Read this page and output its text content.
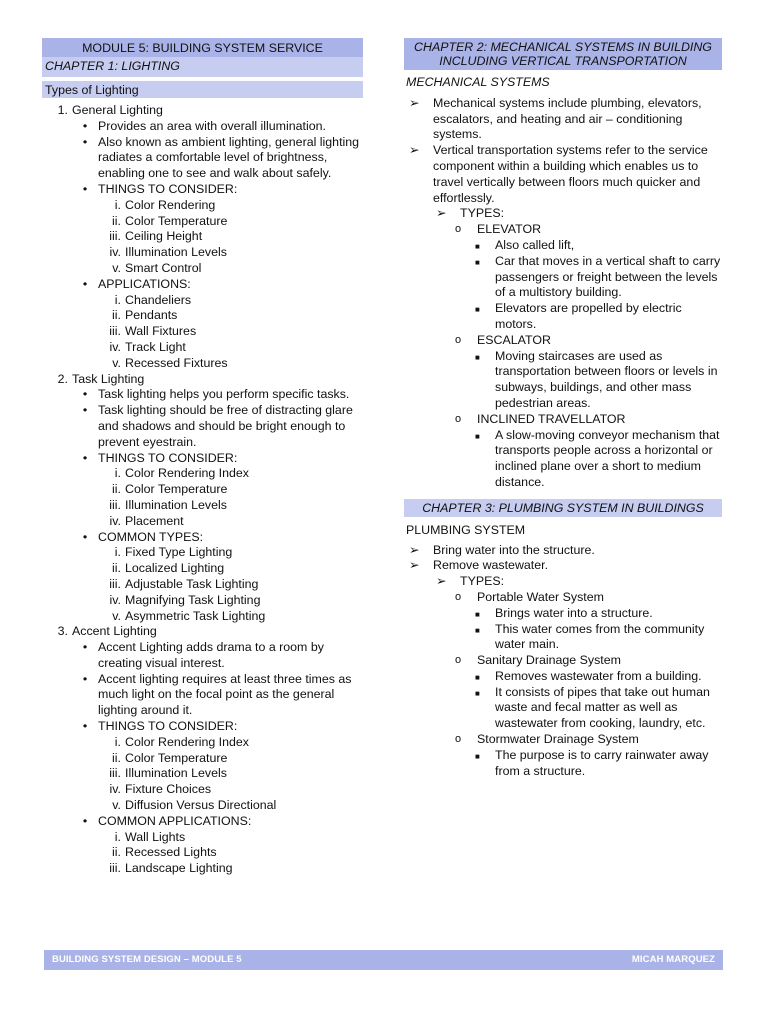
MODULE 5: BUILDING SYSTEM SERVICE
CHAPTER 1: LIGHTING
Types of Lighting
1. General Lighting
• Provides an area with overall illumination.
• Also known as ambient lighting, general lighting radiates a comfortable level of brightness, enabling one to see and walk about safely.
• THINGS TO CONSIDER:
i. Color Rendering
ii. Color Temperature
iii. Ceiling Height
iv. Illumination Levels
v. Smart Control
• APPLICATIONS:
i. Chandeliers
ii. Pendants
iii. Wall Fixtures
iv. Track Light
v. Recessed Fixtures
2. Task Lighting
• Task lighting helps you perform specific tasks.
• Task lighting should be free of distracting glare and shadows and should be bright enough to prevent eyestrain.
• THINGS TO CONSIDER:
i. Color Rendering Index
ii. Color Temperature
iii. Illumination Levels
iv. Placement
• COMMON TYPES:
i. Fixed Type Lighting
ii. Localized Lighting
iii. Adjustable Task Lighting
iv. Magnifying Task Lighting
v. Asymmetric Task Lighting
3. Accent Lighting
• Accent Lighting adds drama to a room by creating visual interest.
• Accent lighting requires at least three times as much light on the focal point as the general lighting around it.
• THINGS TO CONSIDER:
i. Color Rendering Index
ii. Color Temperature
iii. Illumination Levels
iv. Fixture Choices
v. Diffusion Versus Directional
• COMMON APPLICATIONS:
i. Wall Lights
ii. Recessed Lights
iii. Landscape Lighting
CHAPTER 2: MECHANICAL SYSTEMS IN BUILDING INCLUDING VERTICAL TRANSPORTATION
MECHANICAL SYSTEMS
➢ Mechanical systems include plumbing, elevators, escalators, and heating and air – conditioning systems.
➢ Vertical transportation systems refer to the service component within a building which enables us to travel vertically between floors much quicker and effortlessly.
➢ TYPES:
o ELEVATOR
■ Also called lift,
■ Car that moves in a vertical shaft to carry passengers or freight between the levels of a multistory building.
■ Elevators are propelled by electric motors.
o ESCALATOR
■ Moving staircases are used as transportation between floors or levels in subways, buildings, and other mass pedestrian areas.
o INCLINED TRAVELLATOR
■ A slow-moving conveyor mechanism that transports people across a horizontal or inclined plane over a short to medium distance.
CHAPTER 3: PLUMBING SYSTEM IN BUILDINGS
PLUMBING SYSTEM
➢ Bring water into the structure.
➢ Remove wastewater.
➢ TYPES:
o Portable Water System
■ Brings water into a structure.
■ This water comes from the community water main.
o Sanitary Drainage System
■ Removes wastewater from a building.
■ It consists of pipes that take out human waste and fecal matter as well as wastewater from cooking, laundry, etc.
o Stormwater Drainage System
■ The purpose is to carry rainwater away from a structure.
BUILDING SYSTEM DESIGN – MODULE 5	MICAH MARQUEZ
